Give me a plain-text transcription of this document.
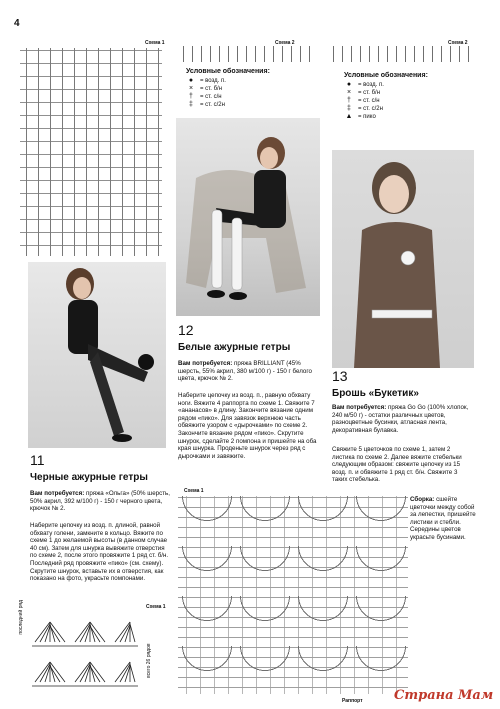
4
Схема 1	Схема 2
Условные обозначения:
●	= возд. п.
×	= ст. б/н
†	= ст. с/н
‡	= ст. с/2н
Схема 2
Условные обозначения:
●	= возд. п.
×	= ст. б/н
†	= ст. с/н
‡	= ст. с/2н
▲ = пико
12
Белые ажурные гетры
Вам потребуется: пряжа BRILLIANT (45% шерсть, 55% акрил, 380 м/100 г) - 150 г белого цвета, крючок № 2.
Наберите цепочку из возд. п., равную обхвату ноги. Вяжите 4 раппорта по схеме 1. Свяжите 7 «ананасов» в длину. Закончите вязание одним рядом «пико». Для завязок верхнюю часть обвяжите узором с «дырочками» по схеме 2. Закончите вязание рядом «пико». Скрутите шнурок, сделайте 2 помпона и пришейте на оба края шнурка. Проденьте шнурок через ряд с дырочками и завяжите.
13
Брошь «Букетик»
Вам потребуется: пряжа Go Go (100% хлопок, 240 м/50 г) - остатки различных цветов, разноцветные бусинки, атласная лента, декоративная булавка.
Свяжите 5 цветочков по схеме 1, затем 2 листика по схеме 2. Далее вяжите стебельки следующим образом: свяжите цепочку из 15 возд. п. и обвяжите 1 ряд ст. б/н. Свяжите 3 таких стебелька.
11
Черные ажурные гетры
Вам потребуется: пряжа «Ольга» (50% шерсть, 50% акрил, 392 м/100 г) - 150 г черного цвета, крючок № 2.
Наберите цепочку из возд. п. длиной, равной обхвату голени, замкните в кольцо. Вяжите по схеме 1 до желаемой высоты (в данном случае 40 см). Затем для шнурка вывяжите отверстия по схеме 2, после этого провяжите 1 ряд ст. б/н. Последний ряд провяжите «пико» (см. схему). Скрутите шнурок, вставьте их в отверстия, как показано на фото, украсьте помпонами.
Схема 1
последний ряд
всего 26 рядов
Схема 1
Раппорт
Сборка: сшейте цветочки между собой за лепестки, пришейте листики и стебли. Середины цветов украсьте бусинами.
Страна Мам
